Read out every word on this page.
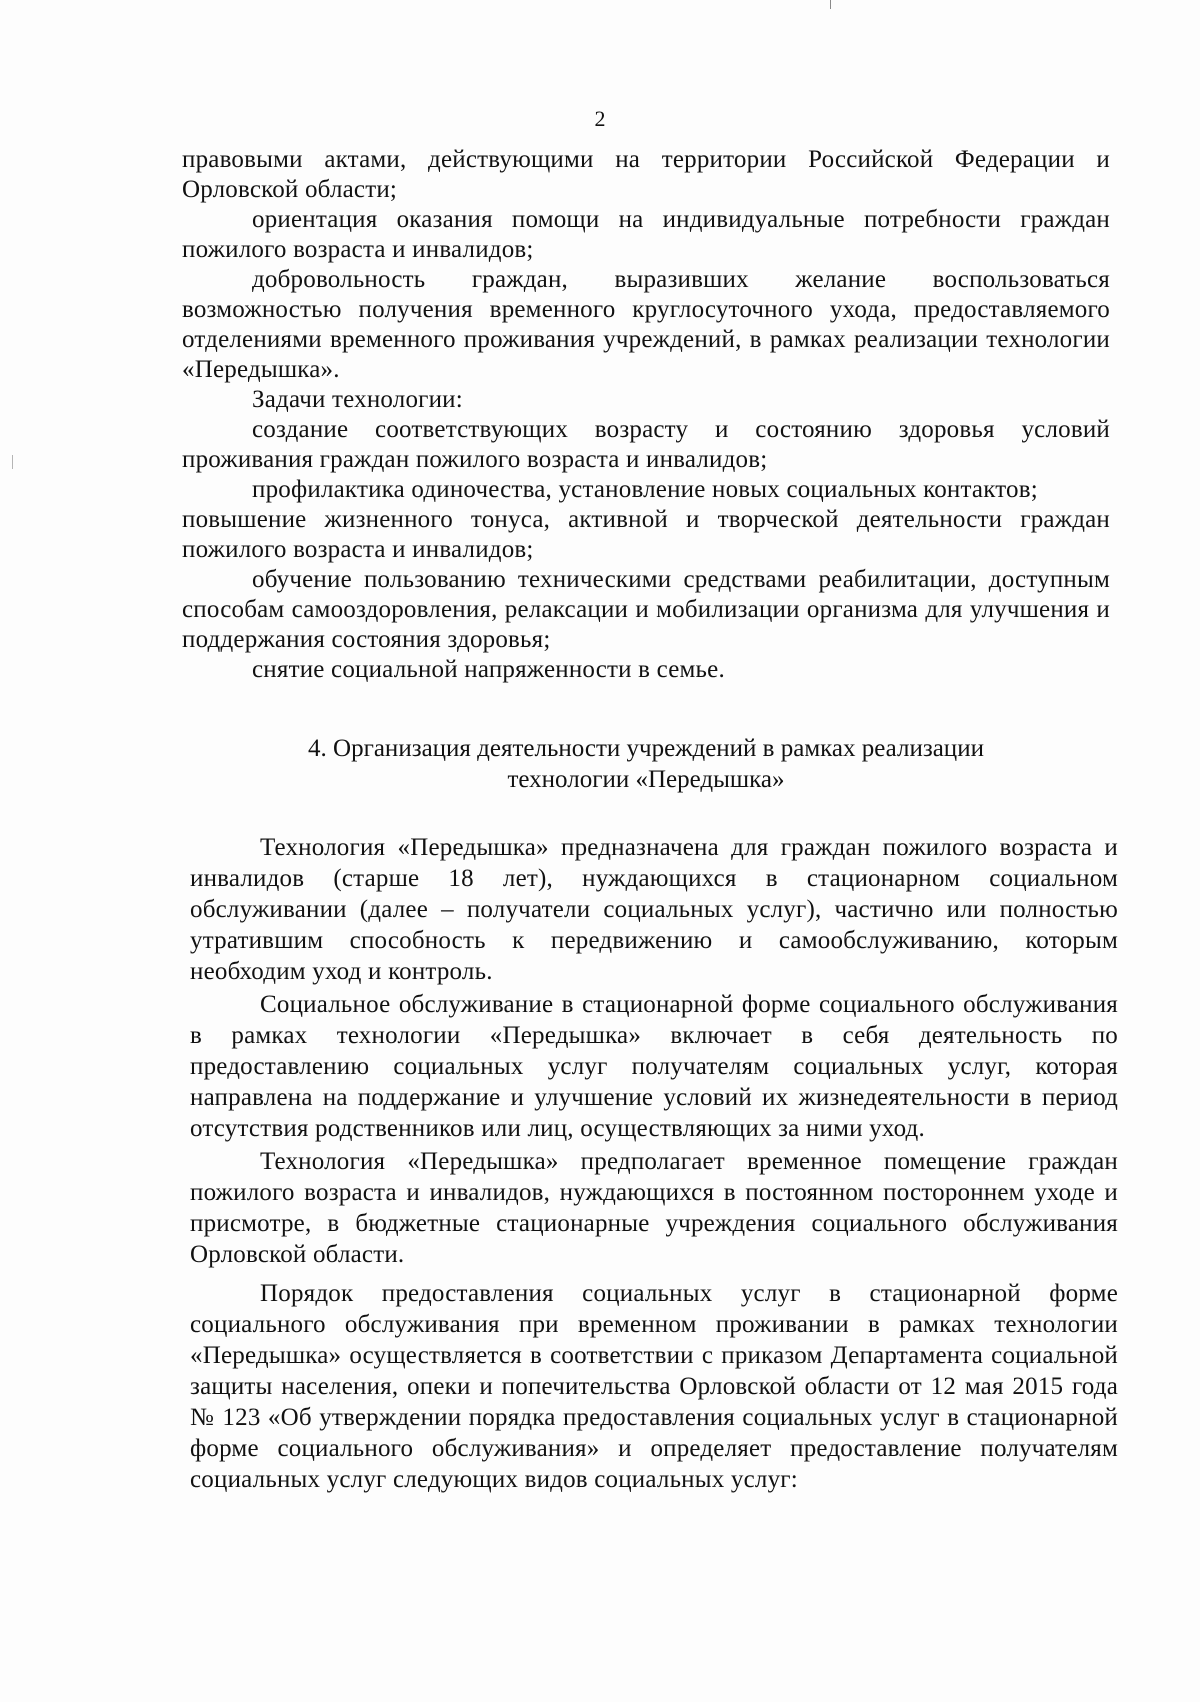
2

правовыми актами, действующими на территории Российской Федерации и Орловской области;

ориентация оказания помощи на индивидуальные потребности граждан пожилого возраста и инвалидов;

добровольность граждан, выразивших желание воспользоваться возможностью получения временного круглосуточного ухода, предоставляемого отделениями временного проживания учреждений, в рамках реализации технологии «Передышка».

Задачи технологии:

создание соответствующих возрасту и состоянию здоровья условий проживания граждан пожилого возраста и инвалидов;

профилактика одиночества, установление новых социальных контактов;

повышение жизненного тонуса, активной и творческой деятельности граждан пожилого возраста и инвалидов;

обучение пользованию техническими средствами реабилитации, доступным способам самооздоровления, релаксации и мобилизации организма для улучшения и поддержания состояния здоровья;

снятие социальной напряженности в семье.

4. Организация деятельности учреждений в рамках реализации
технологии «Передышка»

Технология «Передышка» предназначена для граждан пожилого возраста и инвалидов (старше 18 лет), нуждающихся в стационарном социальном обслуживании (далее – получатели социальных услуг), частично или полностью утратившим способность к передвижению и самообслуживанию, которым необходим уход и контроль.

Социальное обслуживание в стационарной форме социального обслуживания в рамках технологии «Передышка» включает в себя деятельность по предоставлению социальных услуг получателям социальных услуг, которая направлена на поддержание и улучшение условий их жизнедеятельности в период отсутствия родственников или лиц, осуществляющих за ними уход.

Технология «Передышка» предполагает временное помещение граждан пожилого возраста и инвалидов, нуждающихся в постоянном постороннем уходе и присмотре, в бюджетные стационарные учреждения социального обслуживания Орловской области.

Порядок предоставления социальных услуг в стационарной форме социального обслуживания при временном проживании в рамках технологии «Передышка» осуществляется в соответствии с приказом Департамента социальной защиты населения, опеки и попечительства Орловской области от 12 мая 2015 года № 123 «Об утверждении порядка предоставления социальных услуг в стационарной форме социального обслуживания» и определяет предоставление получателям социальных услуг следующих видов социальных услуг:
